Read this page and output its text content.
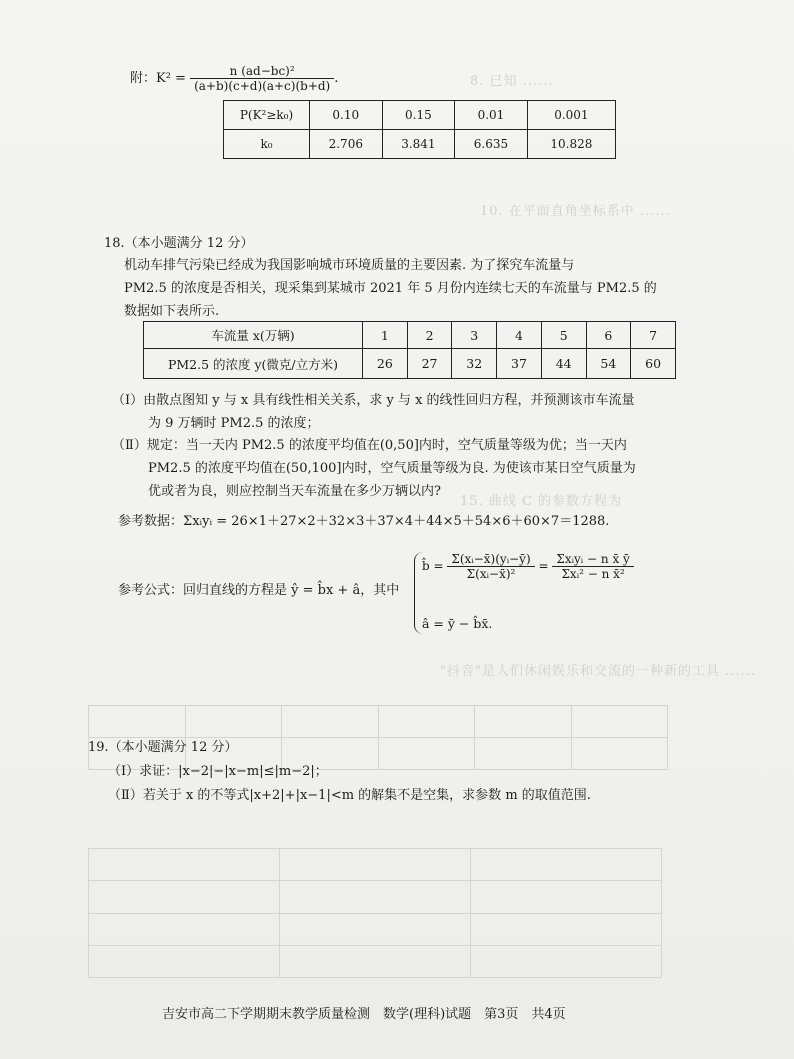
8. 已知 ......
10. 在平面直角坐标系中 ......
15. 曲线 C 的参数方程为
"抖音"是人们休闲娱乐和交流的一种新的工具 ......

附：$K^2 = \frac{\text{n (ad−bc)²}}{(a+b)(c+d)(a+c)(b+d)}$ .
P(K²≥k₀)	0.10	0.15	0.01	0.001
k₀	2.706	3.841	6.635	10.828
18.（本小题满分 12 分）
机动车排气污染已经成为我国影响城市环境质量的主要因素. 为了探究车流量与
PM2.5 的浓度是否相关，现采集到某城市 2021 年 5 月份内连续七天的车流量与 PM2.5 的
数据如下表所示.
车流量 x(万辆)	1	2	3	4	5	6	7
PM2.5 的浓度 y(微克/立方米)	26	27	32	37	44	54	60
（Ⅰ）由散点图知 y 与 x 具有线性相关关系，求 y 与 x 的线性回归方程，并预测该市车流量
为 9 万辆时 PM2.5 的浓度；
（Ⅱ）规定：当一天内 PM2.5 的浓度平均值在(0,50]内时，空气质量等级为优；当一天内
PM2.5 的浓度平均值在(50,100]内时，空气质量等级为良. 为使该市某日空气质量为
优或者为良，则应控制当天车流量在多少万辆以内?
参考数据：Σxᵢyᵢ = 26×1＋27×2＋32×3＋37×4＋44×5＋54×6＋60×7＝1288.
参考公式：回归直线的方程是 ŷ = b̂x + â，其中
b̂ = $\frac{\text{Σ(xᵢ−x̄)(yᵢ−ȳ)}}{\text{Σ(xᵢ−x̄)²}} = \frac{\text{Σxᵢyᵢ − n x̄ ȳ}}{\text{Σxᵢ² − n x̄²}}$
â = ȳ − b̂x̄.
19.（本小题满分 12 分）
（Ⅰ）求证：|x−2|−|x−m|≤|m−2|；
（Ⅱ）若关于 x 的不等式|x+2|+|x−1|<m 的解集不是空集，求参数 m 的取值范围.
吉安市高二下学期期末教学质量检测　数学(理科)试题　第3页　共4页
